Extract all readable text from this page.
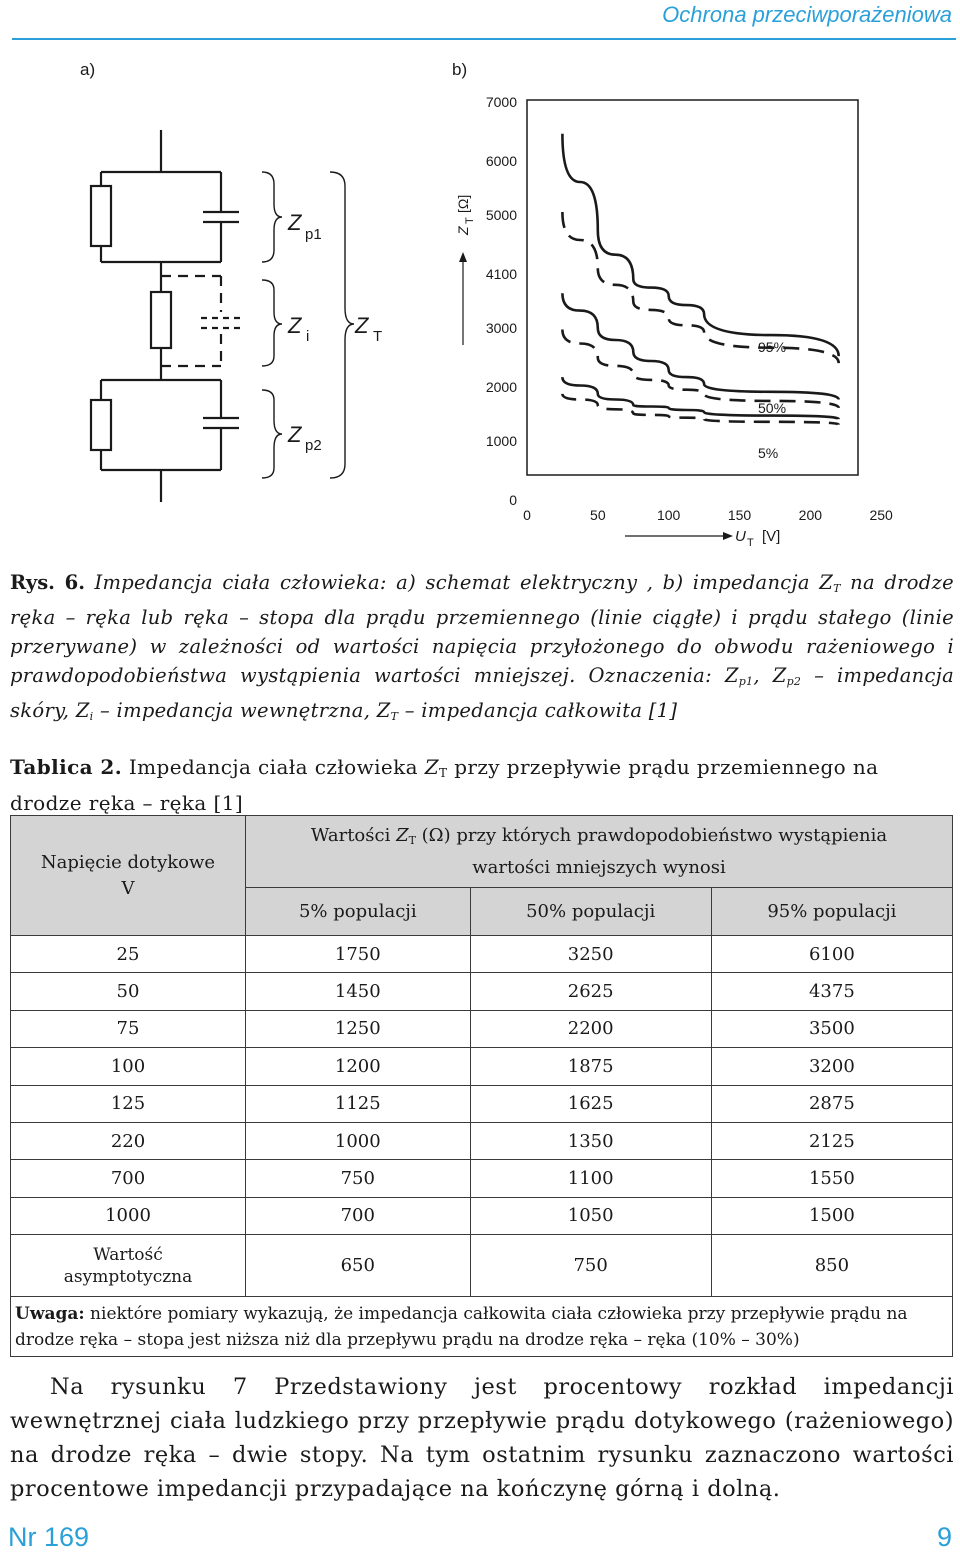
Ochrona przeciwporażeniowa
a)	b)
Z p1
Z i Z T
Z p2
7000
6000
5000
4100
3000
2000
1000
0
0	50	100	150	200	250
95%
50%
5%
Z
T
[Ω]
U T [V]
Rys. 6. Impedancja ciała człowieka: a) schemat elektryczny , b) impedancja $Z_T$ na drodze ręka – ręka lub ręka – stopa dla prądu przemiennego (linie ciągłe) i prądu stałego (linie przerywane) w zależności od wartości napięcia przyłożonego do obwodu rażeniowego i prawdopodobieństwa wystąpienia wartości mniejszej. Oznaczenia: $Z_{p1}$, $Z_{p2}$ – impedancja skóry, $Z_i$ – impedancja wewnętrzna, $Z_T$ – impedancja całkowita [1]
Tablica 2. Impedancja ciała człowieka $Z_T$ przy przepływie prądu przemiennego na drodze ręka – ręka [1]
Napięcie dotykowe
V	Wartości $Z_T$ (Ω) przy których prawdopodobieństwo wystąpienia
wartości mniejszych wynosi		
	5% populacji	50% populacji	95% populacji
25	1750	3250	6100
50	1450	2625	4375
75	1250	2200	3500
100	1200	1875	3200
125	1125	1625	2875
220	1000	1350	2125
700	750	1100	1550
1000	700	1050	1500
Wartość
asymptotyczna	650	750	850
Uwaga: niektóre pomiary wykazują, że impedancja całkowita ciała człowieka przy przepływie prądu na drodze ręka – stopa jest niższa niż dla przepływu prądu na drodze ręka – ręka (10% – 30%)			
Na rysunku 7 Przedstawiony jest procentowy rozkład impedancji wewnętrznej ciała ludzkiego przy przepływie prądu dotykowego (rażeniowego) na drodze ręka – dwie stopy. Na tym ostatnim rysunku zaznaczono wartości procentowe impedancji przypadające na kończynę górną i dolną.
Nr 169	9
